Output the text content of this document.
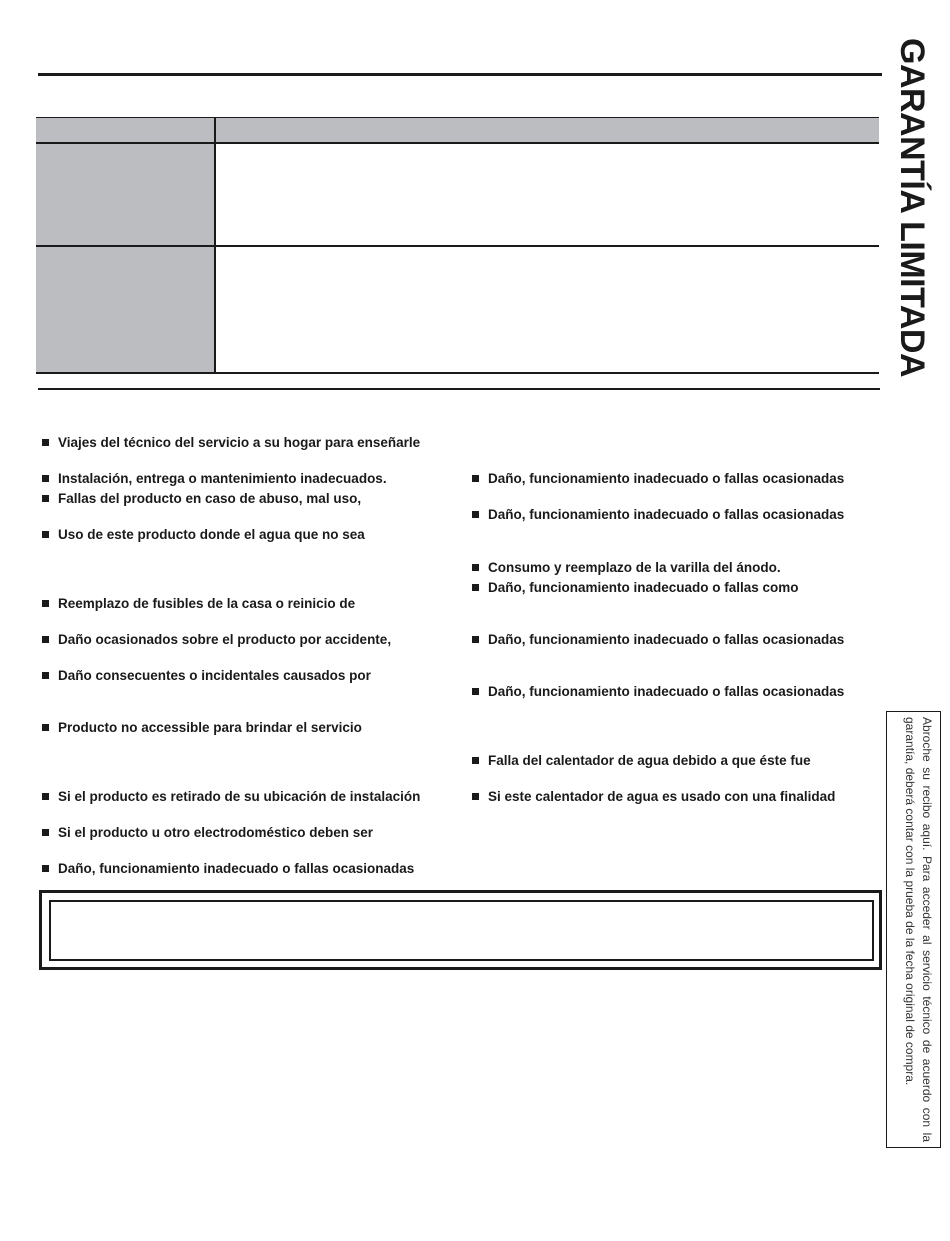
Viajes del técnico del servicio a su hogar para enseñarle
Instalación, entrega o mantenimiento inadecuados.
Fallas del producto en caso de abuso, mal uso,
Uso de este producto donde el agua que no sea
Reemplazo de fusibles de la casa o reinicio de
Daño ocasionados sobre el producto por accidente,
Daño consecuentes o incidentales causados por
Producto no accessible para brindar el servicio
Si el producto es retirado de su ubicación de instalación
Si el producto u otro electrodoméstico deben ser
Daño, funcionamiento inadecuado o fallas ocasionadas
Daño, funcionamiento inadecuado o fallas ocasionadas
Daño, funcionamiento inadecuado o fallas ocasionadas
Consumo y reemplazo de la varilla del ánodo.
Daño, funcionamiento inadecuado o fallas como
Daño, funcionamiento inadecuado o fallas ocasionadas
Daño, funcionamiento inadecuado o fallas ocasionadas
Falla del calentador de agua debido a que éste fue
Si este calentador de agua es usado con una finalidad
GARANTÍA LIMITADA
Abroche su recibo aquí. Para acceder al servicio técnico de acuerdo con la garantía, deberá contar con la prueba de la fecha original de compra.
